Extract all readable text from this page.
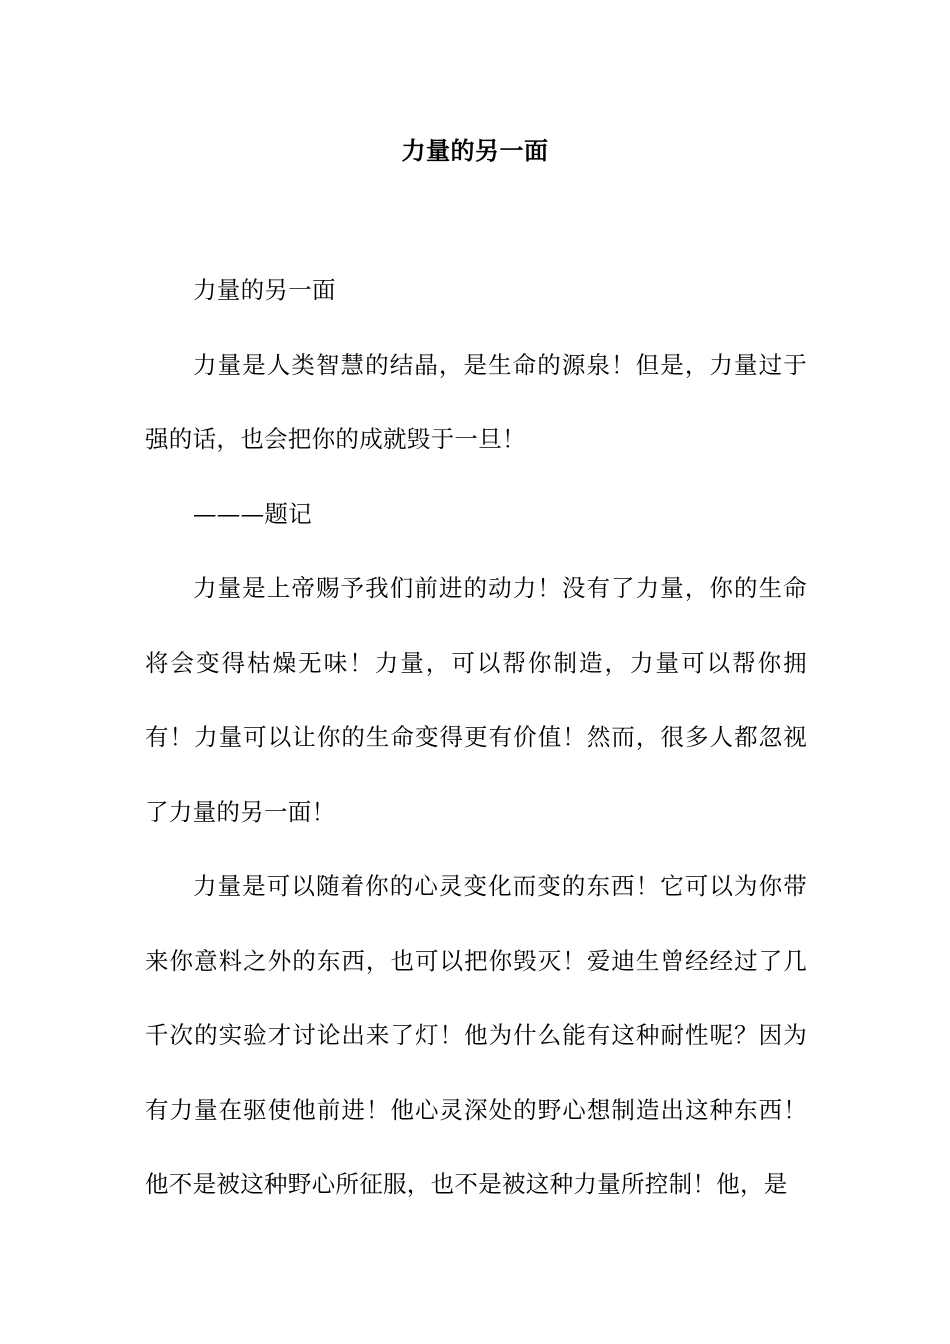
力量的另一面

力量的另一面

力量是人类智慧的结晶，是生命的源泉！但是，力量过于强的话，也会把你的成就毁于一旦！

———题记

力量是上帝赐予我们前进的动力！没有了力量，你的生命将会变得枯燥无味！力量，可以帮你制造，力量可以帮你拥有！力量可以让你的生命变得更有价值！然而，很多人都忽视了力量的另一面！

力量是可以随着你的心灵变化而变的东西！它可以为你带来你意料之外的东西，也可以把你毁灭！爱迪生曾经经过了几千次的实验才讨论出来了灯！他为什么能有这种耐性呢？因为有力量在驱使他前进！他心灵深处的野心想制造出这种东西！他不是被这种野心所征服，也不是被这种力量所控制！他，是
